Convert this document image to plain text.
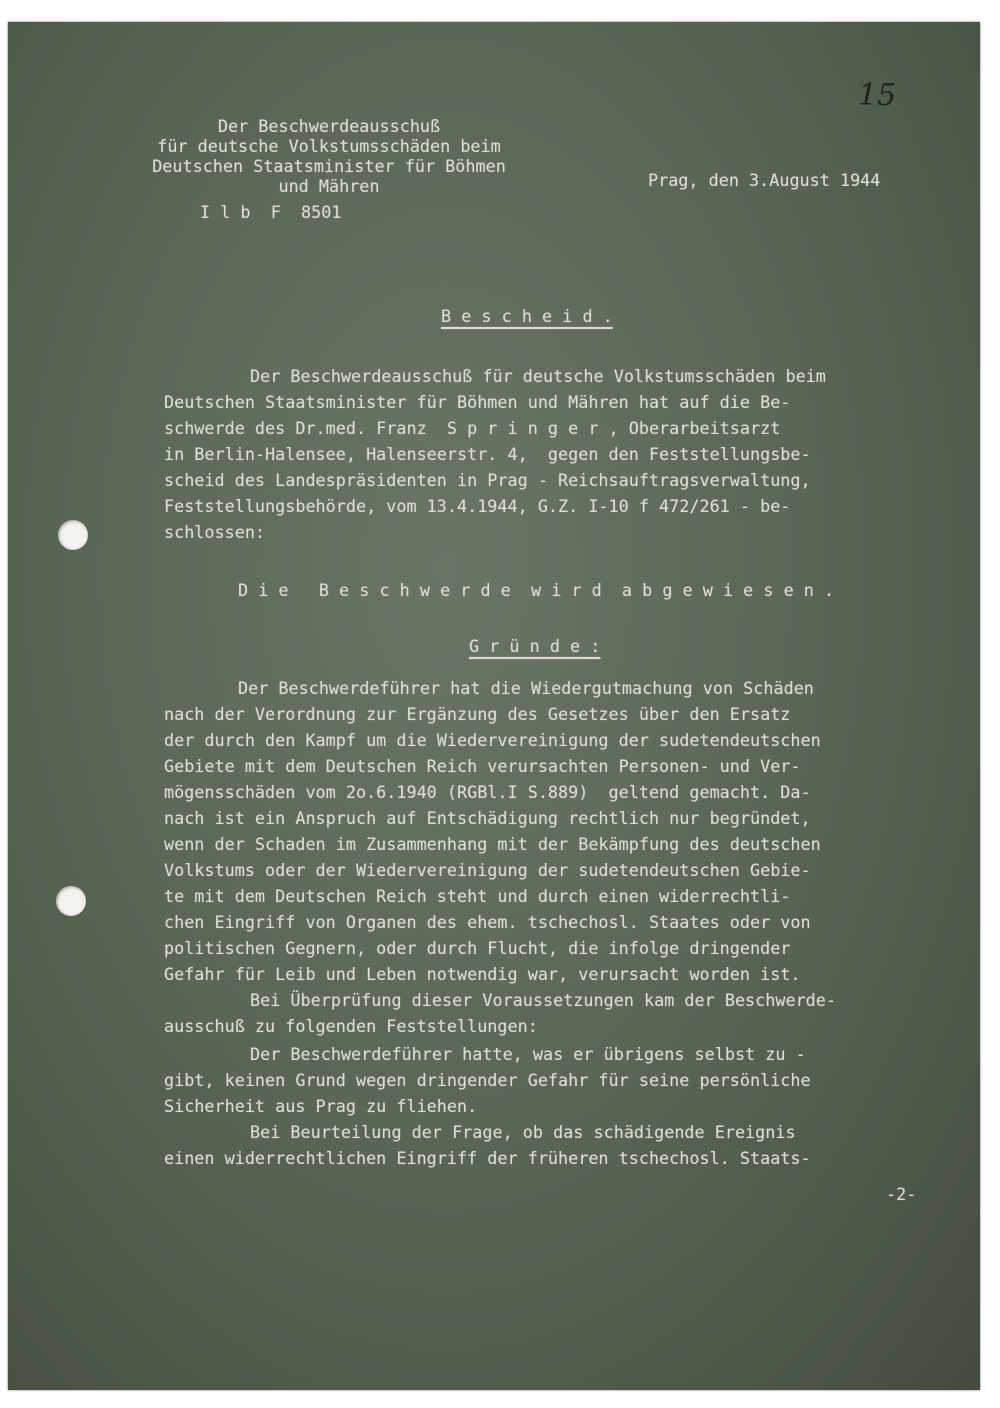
15

Der Beschwerdeausschuß

für deutsche Volkstumsschäden beim

Deutschen Staatsminister für Böhmen

und Mähren	Prag, den 3.August 1944

I l b  F  8501

B e s c h e i d .

Der Beschwerdeausschuß für deutsche Volkstumsschäden beim

Deutschen Staatsminister für Böhmen und Mähren hat auf die Be-

schwerde des Dr.med. Franz  S p r i n g e r , Oberarbeitsarzt

in Berlin-Halensee, Halenseerstr. 4,  gegen den Feststellungsbe-

scheid des Landespräsidenten in Prag - Reichsauftragsverwaltung,

Feststellungsbehörde, vom 13.4.1944, G.Z. I-10 f 472/261 - be-

schlossen:

D i e   B e s c h w e r d e  w i r d  a b g e w i e s e n .

G r ü n d e :

Der Beschwerdeführer hat die Wiedergutmachung von Schäden

nach der Verordnung zur Ergänzung des Gesetzes über den Ersatz

der durch den Kampf um die Wiedervereinigung der sudetendeutschen

Gebiete mit dem Deutschen Reich verursachten Personen- und Ver-

mögensschäden vom 2o.6.1940 (RGBl.I S.889)  geltend gemacht. Da-

nach ist ein Anspruch auf Entschädigung rechtlich nur begründet,

wenn der Schaden im Zusammenhang mit der Bekämpfung des deutschen

Volkstums oder der Wiedervereinigung der sudetendeutschen Gebie-

te mit dem Deutschen Reich steht und durch einen widerrechtli-

chen Eingriff von Organen des ehem. tschechosl. Staates oder von

politischen Gegnern, oder durch Flucht, die infolge dringender

Gefahr für Leib und Leben notwendig war, verursacht worden ist.

Bei Überprüfung dieser Voraussetzungen kam der Beschwerde-

ausschuß zu folgenden Feststellungen:

Der Beschwerdeführer hatte, was er übrigens selbst zu -

gibt, keinen Grund wegen dringender Gefahr für seine persönliche

Sicherheit aus Prag zu fliehen.

Bei Beurteilung der Frage, ob das schädigende Ereignis

einen widerrechtlichen Eingriff der früheren tschechosl. Staats-

-2-
